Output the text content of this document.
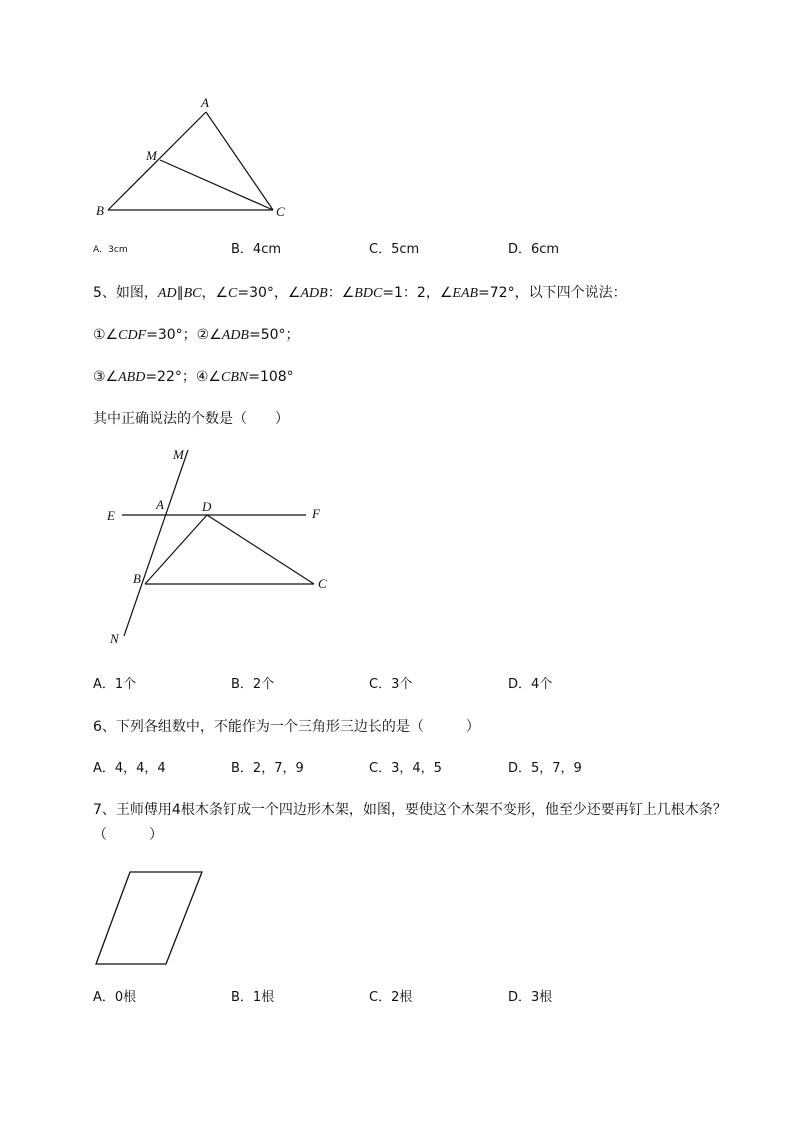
A
M
B	C
A．3cm	B．4cm	C．5cm	D．6cm
5、如图，AD∥BC，∠C=30°，∠ADB：∠BDC=1：2，∠EAB=72°，以下四个说法：
①∠CDF=30°；②∠ADB=50°；
③∠ABD=22°；④∠CBN=108°
其中正确说法的个数是（　　）
M
E
A	D	F
B	C
N
A．1个	B．2个	C．3个	D．4个
6、下列各组数中，不能作为一个三角形三边长的是（　　　）
A．4，4，4	B．2，7，9	C．3，4，5	D．5，7，9
7、王师傅用4根木条钉成一个四边形木架，如图，要使这个木架不变形，他至少还要再钉上几根木条？（　　　）
A．0根	B．1根	C．2根	D．3根
